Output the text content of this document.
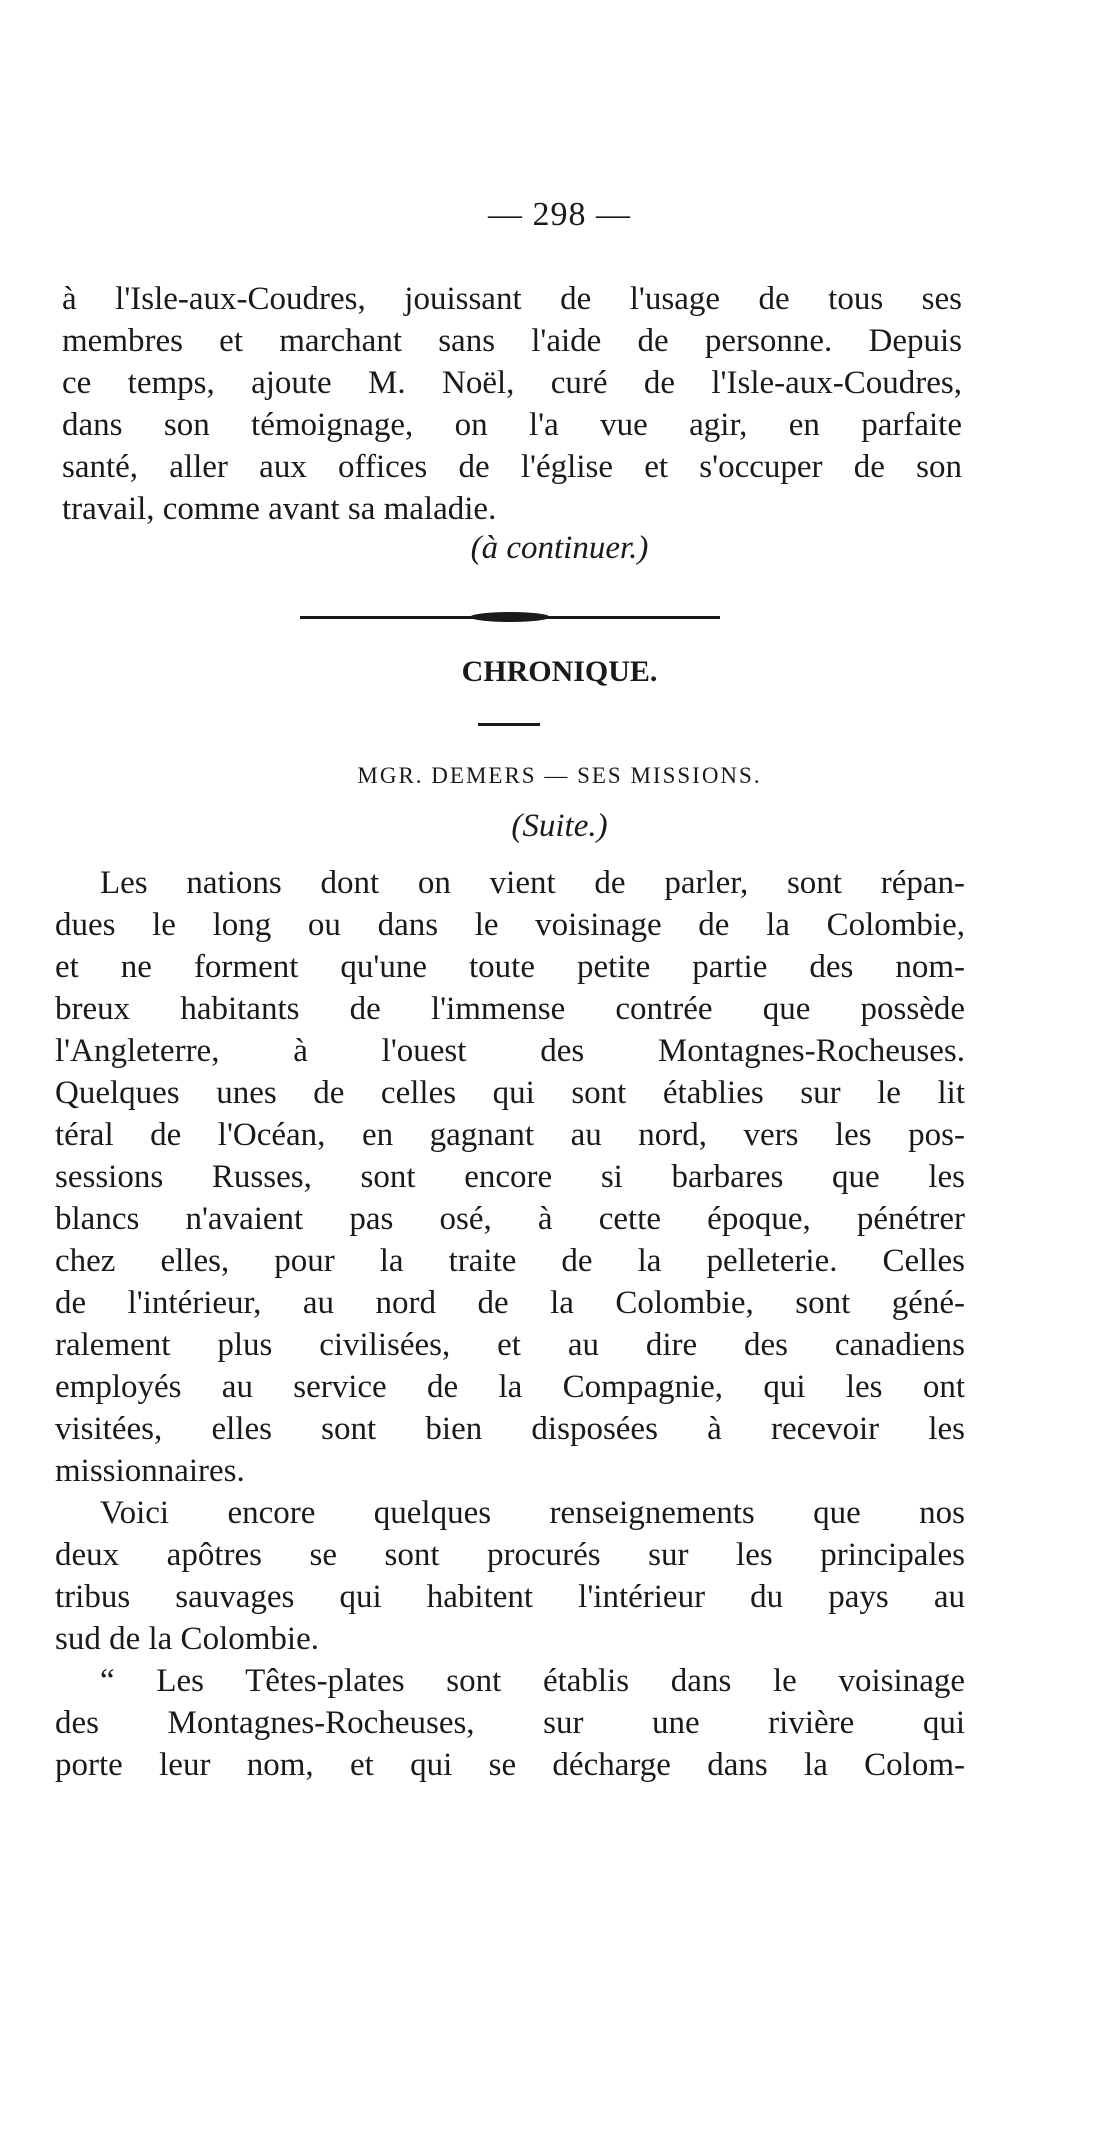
— 298 —
à l'Isle-aux-Coudres, jouissant de l'usage de tous ses
membres et marchant sans l'aide de personne. Depuis
ce temps, ajoute M. Noël, curé de l'Isle-aux-Coudres,
dans son témoignage, on l'a vue agir, en parfaite
santé, aller aux offices de l'église et s'occuper de son
travail, comme avant sa maladie.
(à continuer.)
CHRONIQUE.
MGR. DEMERS — SES MISSIONS.
(Suite.)
Les nations dont on vient de parler, sont répan-
dues le long ou dans le voisinage de la Colombie,
et ne forment qu'une toute petite partie des nom-
breux habitants de l'immense contrée que possède
l'Angleterre, à l'ouest des Montagnes-Rocheuses.
Quelques unes de celles qui sont établies sur le lit
téral de l'Océan, en gagnant au nord, vers les pos-
sessions Russes, sont encore si barbares que les
blancs n'avaient pas osé, à cette époque, pénétrer
chez elles, pour la traite de la pelleterie. Celles
de l'intérieur, au nord de la Colombie, sont géné-
ralement plus civilisées, et au dire des canadiens
employés au service de la Compagnie, qui les ont
visitées, elles sont bien disposées à recevoir les
missionnaires.
Voici encore quelques renseignements que nos
deux apôtres se sont procurés sur les principales
tribus sauvages qui habitent l'intérieur du pays au
sud de la Colombie.
“ Les Têtes-plates sont établis dans le voisinage
des Montagnes-Rocheuses, sur une rivière qui
porte leur nom, et qui se décharge dans la Colom-
